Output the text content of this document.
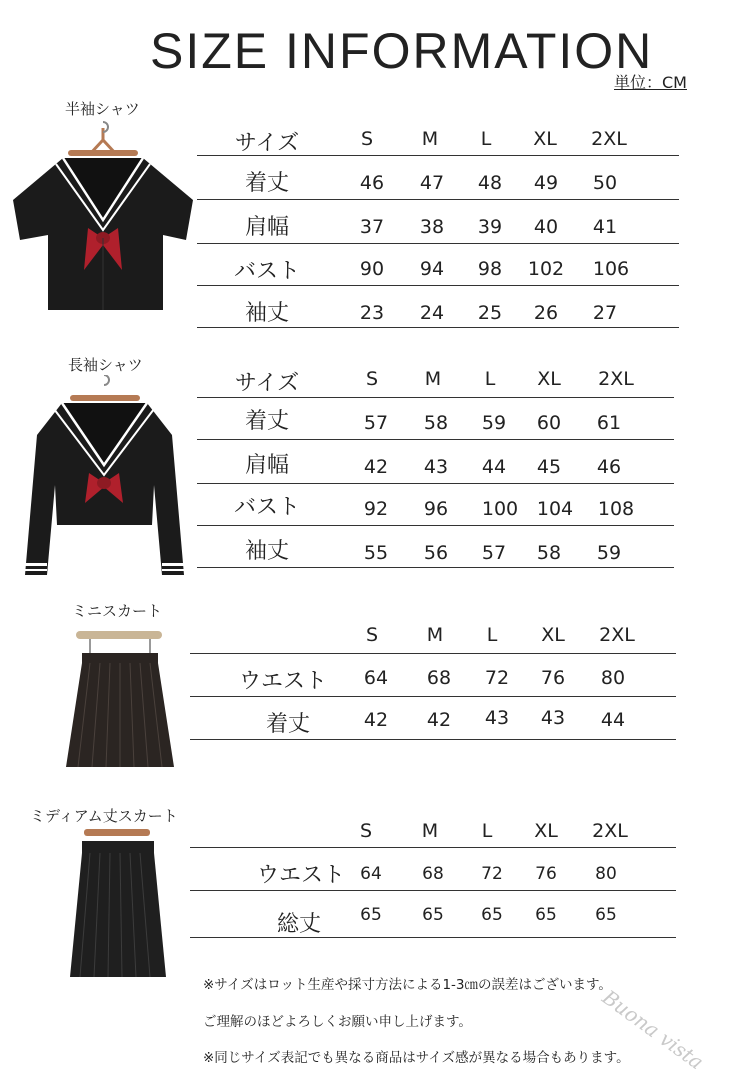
SIZE INFORMATION
単位：CM
半袖シャツ
長袖シャツ
ミニスカート
ミディアム丈スカート
サイズ	S	M L XL 2XL
着丈	46 47 48 49 50
肩幅	37 38 39 40 41
バスト	90 94 98 102 106
袖丈	23 24 25 26 27
サイズ	S M L XL 2XL
着丈	57 58 59 60 61
肩幅	42 43 44 45 46
バスト	92 96 100 104 108
袖丈	55 56 57 58 59
S	M L XL 2XL
ウエスト 64 68 72 76 80
着丈	42 42 43 43 44
S	M L XL 2XL
ウエスト 64 68 72 76 80
総丈 65 65 65 65 65
※サイズはロット生産や採寸方法による1-3㎝の誤差はございます。
ご理解のほどよろしくお願い申し上げます。
※同じサイズ表記でも異なる商品はサイズ感が異なる場合もあります。
Buona vista
